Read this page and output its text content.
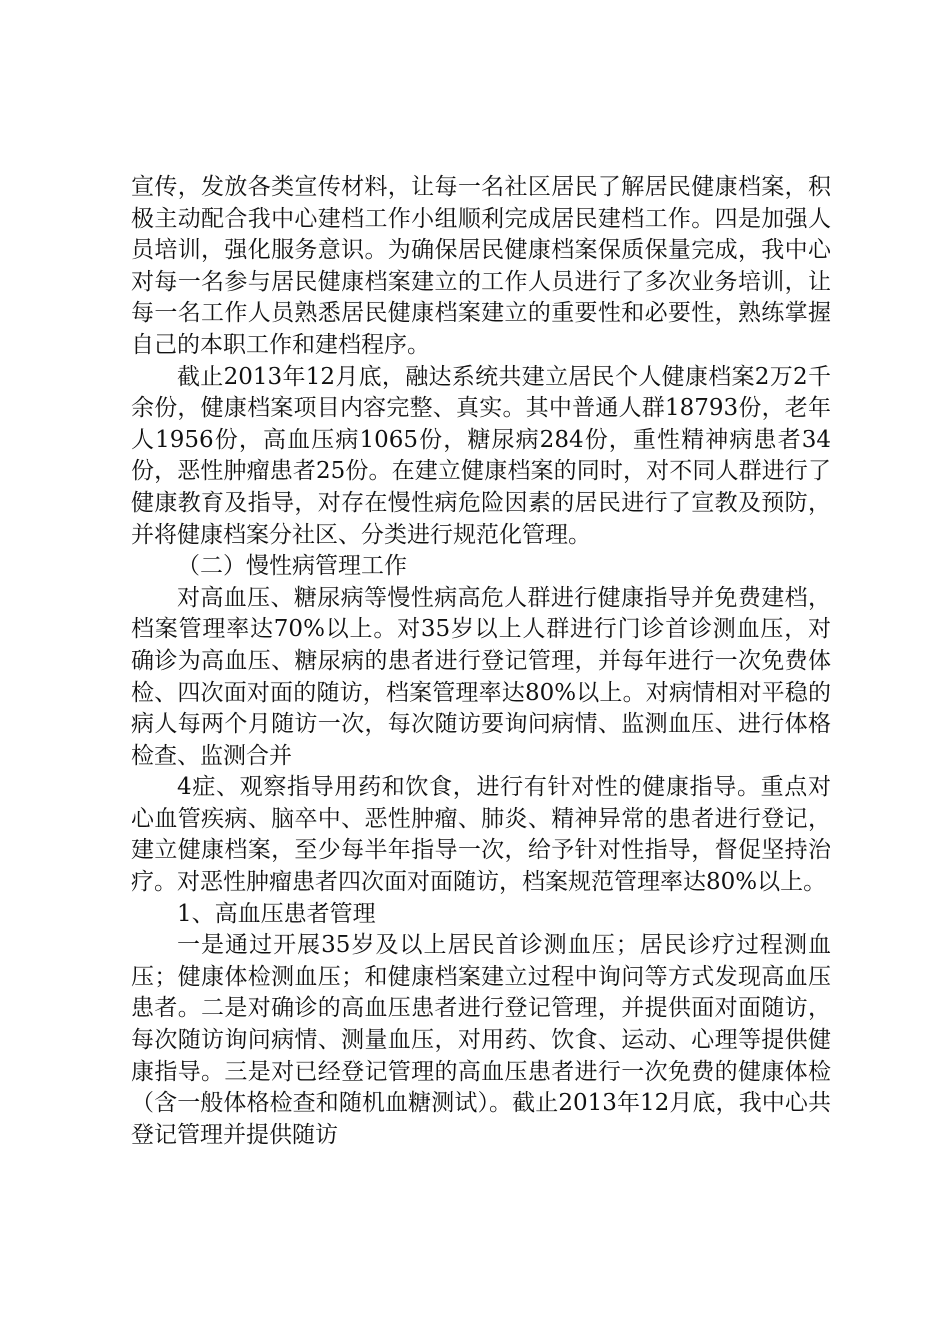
宣传，发放各类宣传材料，让每一名社区居民了解居民健康档案，积极主动配合我中心建档工作小组顺利完成居民建档工作。四是加强人员培训，强化服务意识。为确保居民健康档案保质保量完成，我中心对每一名参与居民健康档案建立的工作人员进行了多次业务培训，让每一名工作人员熟悉居民健康档案建立的重要性和必要性，熟练掌握自己的本职工作和建档程序。

截止2013年12月底，融达系统共建立居民个人健康档案2万2千余份，健康档案项目内容完整、真实。其中普通人群18793份，老年人1956份，高血压病1065份，糖尿病284份，重性精神病患者34份，恶性肿瘤患者25份。在建立健康档案的同时，对不同人群进行了健康教育及指导，对存在慢性病危险因素的居民进行了宣教及预防，并将健康档案分社区、分类进行规范化管理。

（二）慢性病管理工作

对高血压、糖尿病等慢性病高危人群进行健康指导并免费建档，档案管理率达70%以上。对35岁以上人群进行门诊首诊测血压，对确诊为高血压、糖尿病的患者进行登记管理，并每年进行一次免费体检、四次面对面的随访，档案管理率达80%以上。对病情相对平稳的病人每两个月随访一次，每次随访要询问病情、监测血压、进行体格检查、监测合并

4症、观察指导用药和饮食，进行有针对性的健康指导。重点对心血管疾病、脑卒中、恶性肿瘤、肺炎、精神异常的患者进行登记，建立健康档案，至少每半年指导一次，给予针对性指导，督促坚持治疗。对恶性肿瘤患者四次面对面随访，档案规范管理率达80%以上。

1、高血压患者管理

一是通过开展35岁及以上居民首诊测血压；居民诊疗过程测血压；健康体检测血压；和健康档案建立过程中询问等方式发现高血压患者。二是对确诊的高血压患者进行登记管理，并提供面对面随访，每次随访询问病情、测量血压，对用药、饮食、运动、心理等提供健康指导。三是对已经登记管理的高血压患者进行一次免费的健康体检（含一般体格检查和随机血糖测试）。截止2013年12月底，我中心共登记管理并提供随访
